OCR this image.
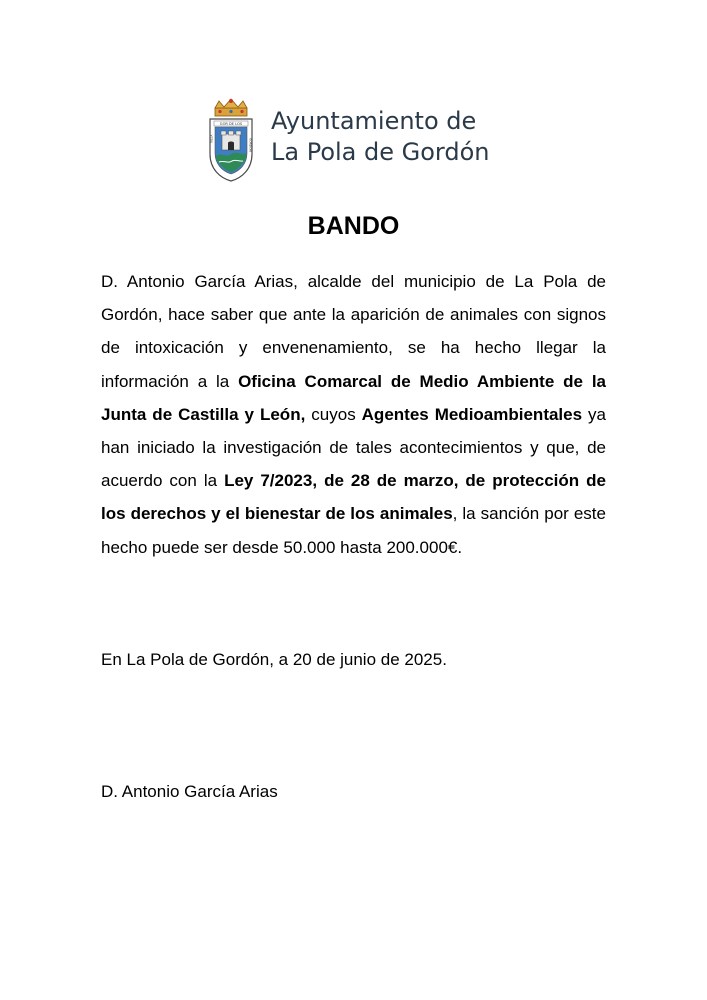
GOR DE LOS
VILLA	GORDON
Ayuntamiento de
La Pola de Gordón
BANDO

D. Antonio García Arias, alcalde del municipio de La Pola de Gordón, hace saber que ante la aparición de animales con signos de intoxicación y envenenamiento, se ha hecho llegar la información a la Oficina Comarcal de Medio Ambiente de la Junta de Castilla y León, cuyos Agentes Medioambientales ya han iniciado la investigación de tales acontecimientos y que, de acuerdo con la Ley 7/2023, de 28 de marzo, de protección de los derechos y el bienestar de los animales, la sanción por este hecho puede ser desde 50.000 hasta 200.000€.

En La Pola de Gordón, a 20 de junio de 2025.

D. Antonio García Arias
